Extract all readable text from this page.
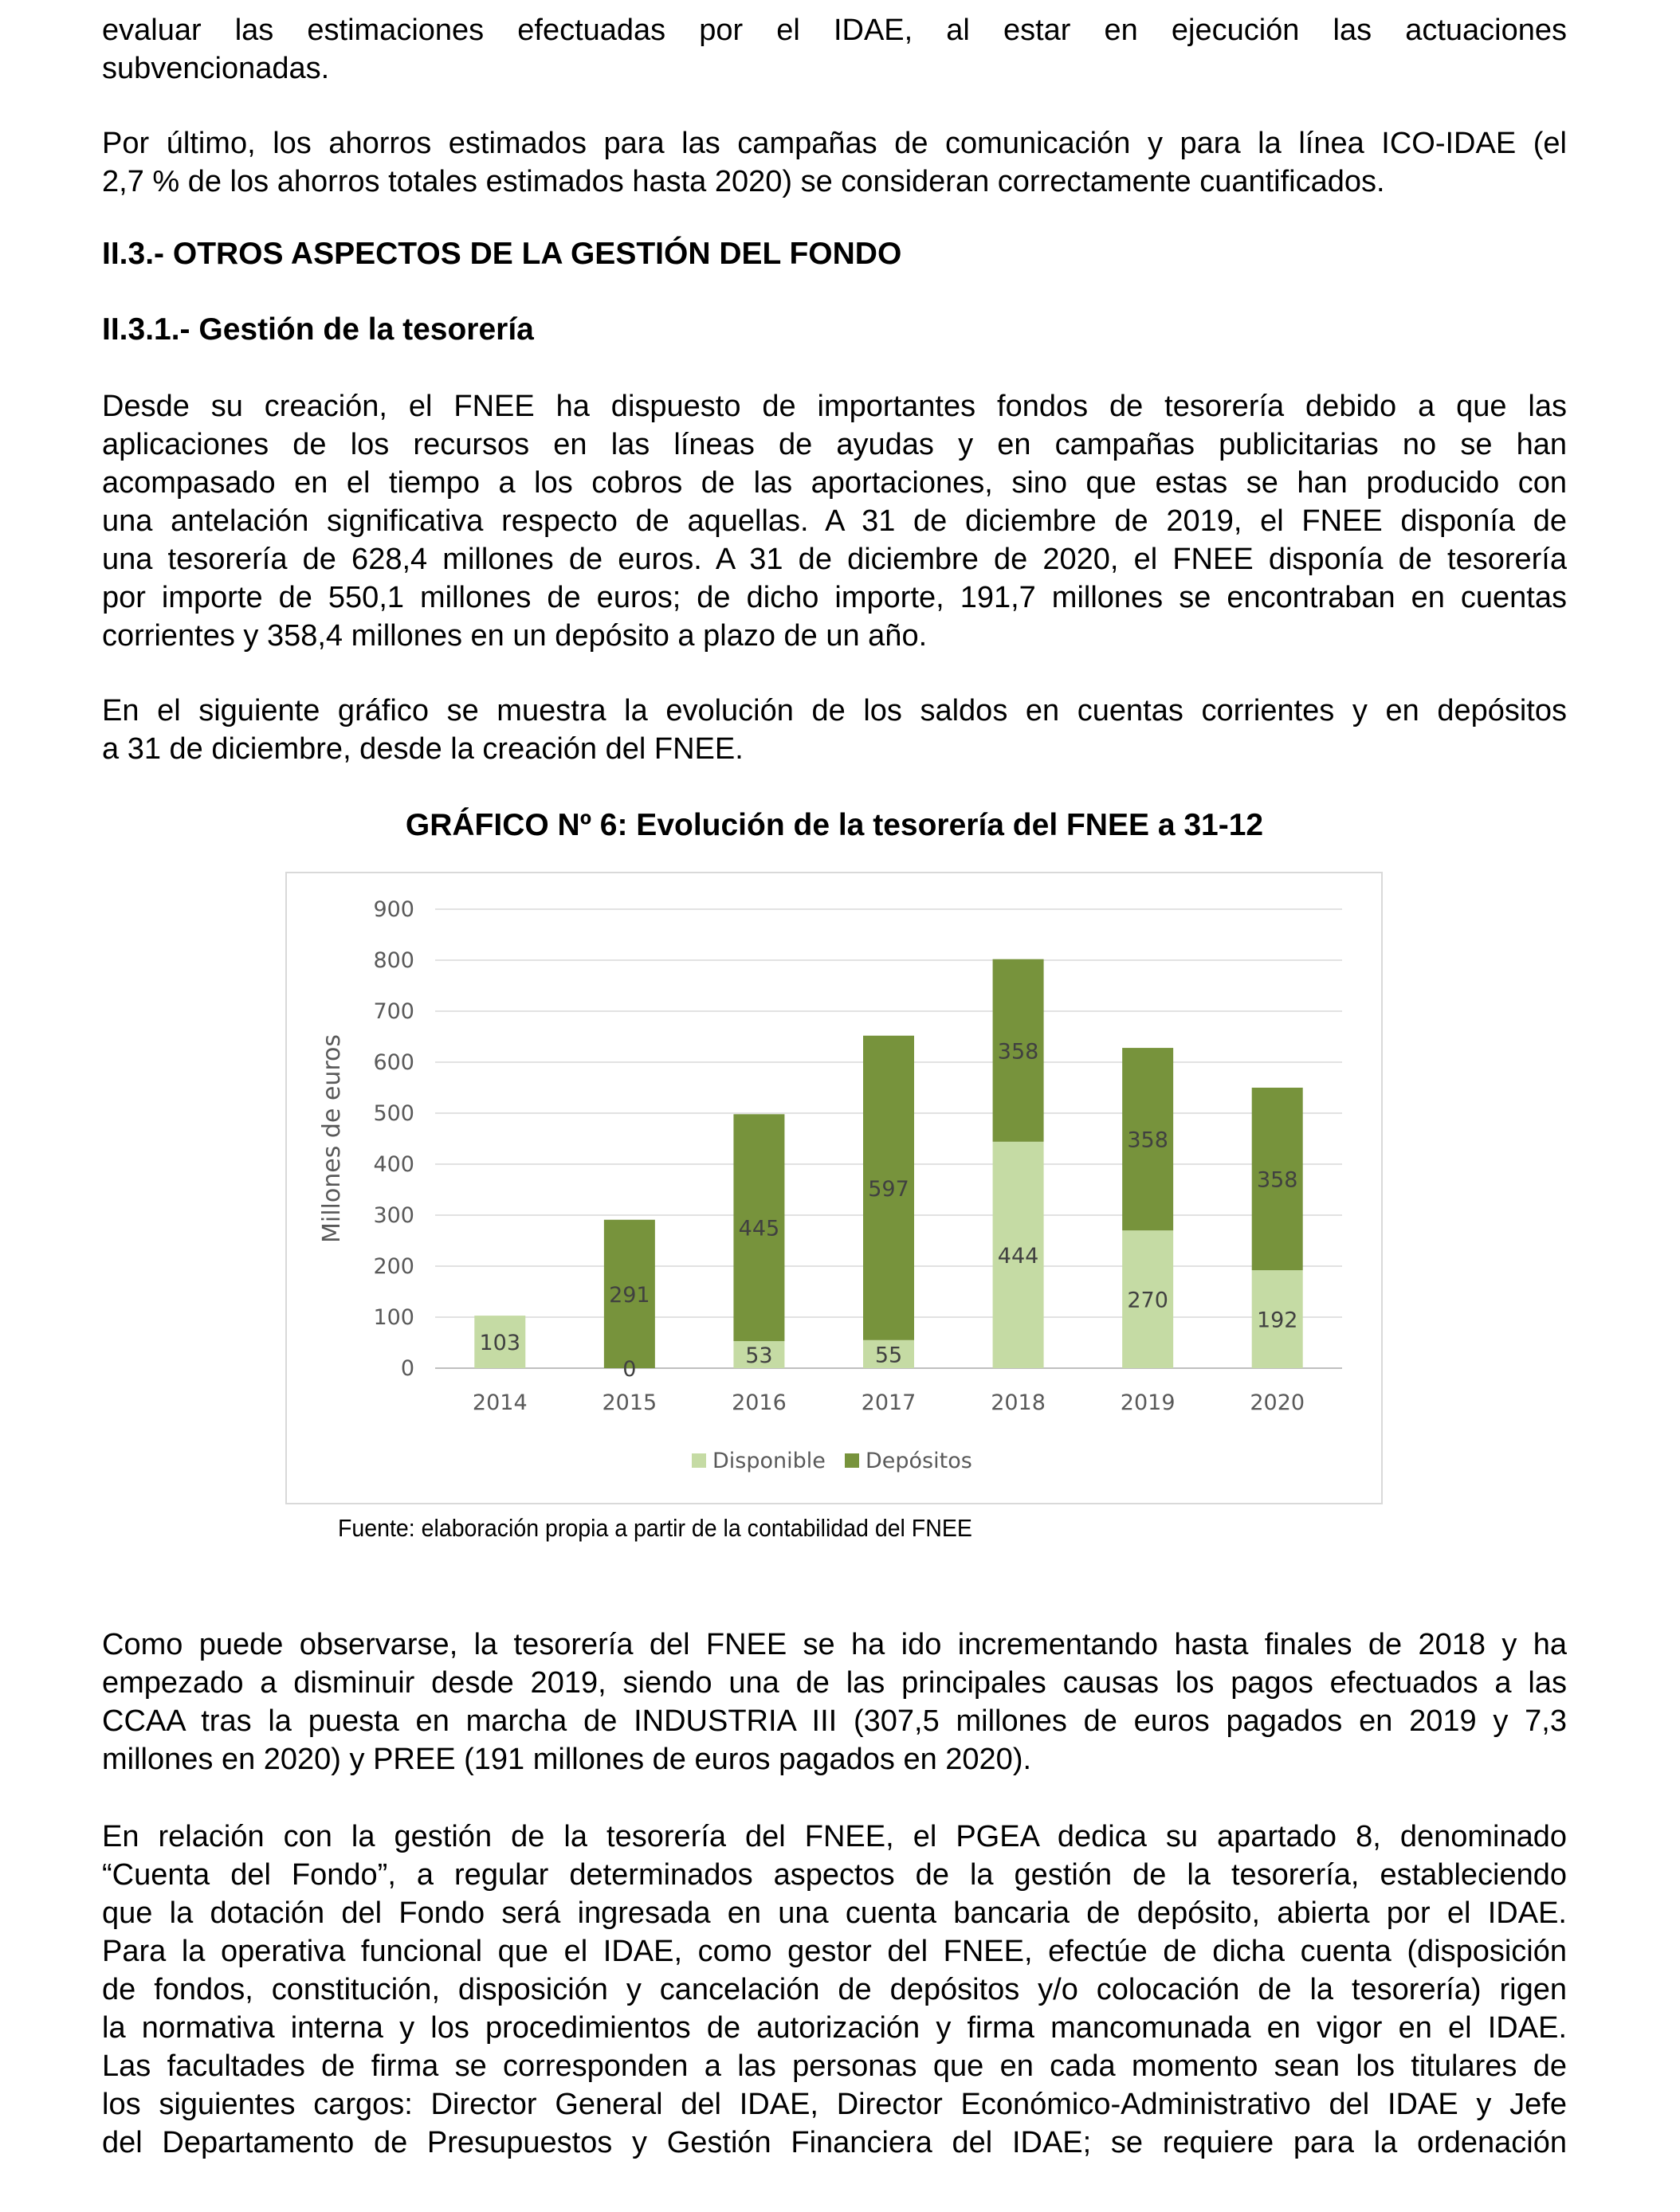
evaluar las estimaciones efectuadas por el IDAE, al estar en ejecución las actuaciones
subvencionadas.
Por último, los ahorros estimados para las campañas de comunicación y para la línea ICO-IDAE (el
2,7 % de los ahorros totales estimados hasta 2020) se consideran correctamente cuantificados.
II.3.- OTROS ASPECTOS DE LA GESTIÓN DEL FONDO
II.3.1.- Gestión de la tesorería
Desde su creación, el FNEE ha dispuesto de importantes fondos de tesorería debido a que las
aplicaciones de los recursos en las líneas de ayudas y en campañas publicitarias no se han
acompasado en el tiempo a los cobros de las aportaciones, sino que estas se han producido con
una antelación significativa respecto de aquellas. A 31 de diciembre de 2019, el FNEE disponía de
una tesorería de 628,4 millones de euros. A 31 de diciembre de 2020, el FNEE disponía de tesorería
por importe de 550,1 millones de euros; de dicho importe, 191,7 millones se encontraban en cuentas
corrientes y 358,4 millones en un depósito a plazo de un año.
En el siguiente gráfico se muestra la evolución de los saldos en cuentas corrientes y en depósitos
a 31 de diciembre, desde la creación del FNEE.
GRÁFICO Nº 6: Evolución de la tesorería del FNEE a 31-12
0
100
200
300
400
500
600
700
800
900
Millones de euros
2014
103
2015
0
291
2016
53
445
2017
55
597
2018
444
358
2019
270
358
2020
192
358
Disponible Depósitos
Fuente: elaboración propia a partir de la contabilidad del FNEE
Como puede observarse, la tesorería del FNEE se ha ido incrementando hasta finales de 2018 y ha
empezado a disminuir desde 2019, siendo una de las principales causas los pagos efectuados a las
CCAA tras la puesta en marcha de INDUSTRIA III (307,5 millones de euros pagados en 2019 y 7,3
millones en 2020) y PREE (191 millones de euros pagados en 2020).
En relación con la gestión de la tesorería del FNEE, el PGEA dedica su apartado 8, denominado
“Cuenta del Fondo”, a regular determinados aspectos de la gestión de la tesorería, estableciendo
que la dotación del Fondo será ingresada en una cuenta bancaria de depósito, abierta por el IDAE.
Para la operativa funcional que el IDAE, como gestor del FNEE, efectúe de dicha cuenta (disposición
de fondos, constitución, disposición y cancelación de depósitos y/o colocación de la tesorería) rigen
la normativa interna y los procedimientos de autorización y firma mancomunada en vigor en el IDAE.
Las facultades de firma se corresponden a las personas que en cada momento sean los titulares de
los siguientes cargos: Director General del IDAE, Director Económico-Administrativo del IDAE y Jefe
del Departamento de Presupuestos y Gestión Financiera del IDAE; se requiere para la ordenación
